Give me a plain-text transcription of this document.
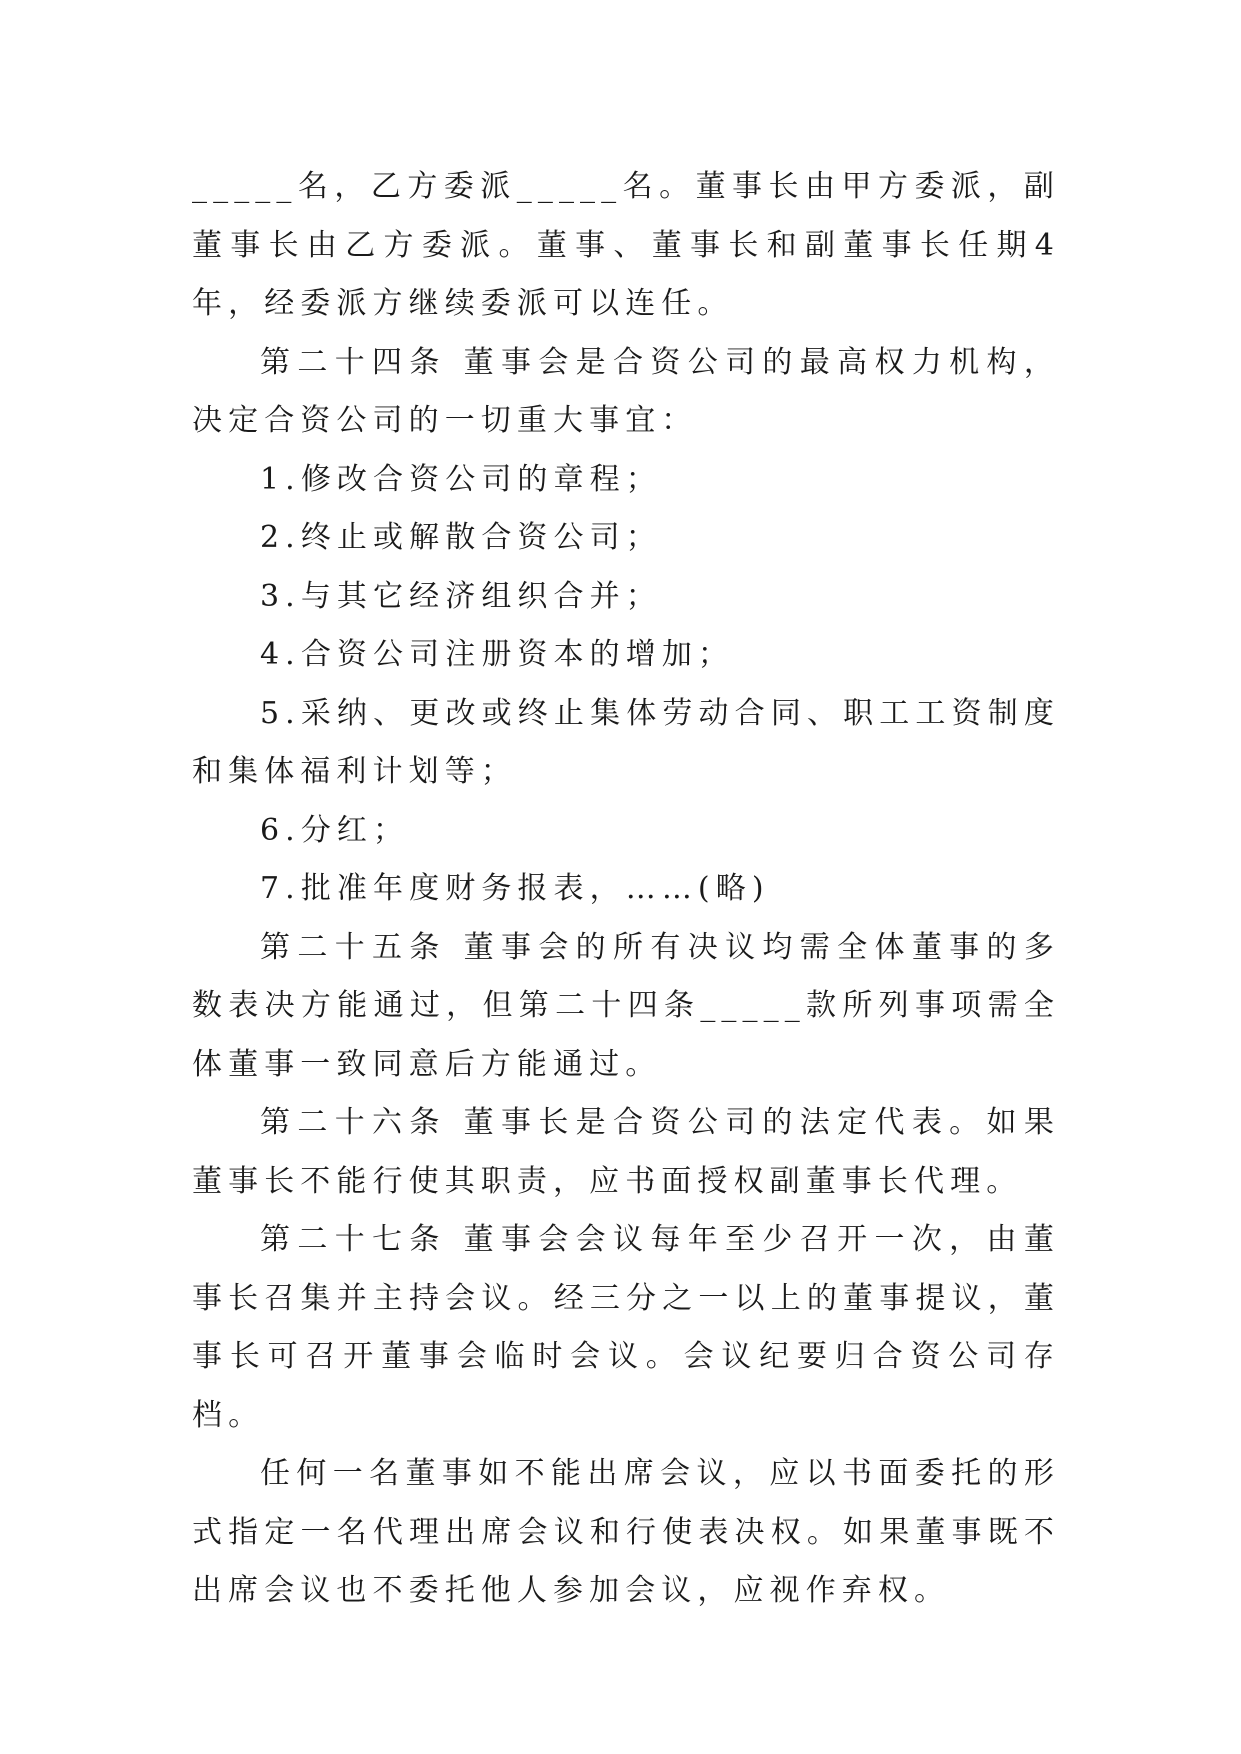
_____名，乙方委派_____名。董事长由甲方委派，副董事长由乙方委派。董事、董事长和副董事长任期4年，经委派方继续委派可以连任。

第二十四条 董事会是合资公司的最高权力机构，决定合资公司的一切重大事宜：

1.修改合资公司的章程；

2.终止或解散合资公司；

3.与其它经济组织合并；

4.合资公司注册资本的增加；

5.采纳、更改或终止集体劳动合同、职工工资制度和集体福利计划等；

6.分红；

7.批准年度财务报表，……(略)

第二十五条 董事会的所有决议均需全体董事的多数表决方能通过，但第二十四条_____款所列事项需全体董事一致同意后方能通过。

第二十六条 董事长是合资公司的法定代表。如果董事长不能行使其职责，应书面授权副董事长代理。

第二十七条 董事会会议每年至少召开一次，由董事长召集并主持会议。经三分之一以上的董事提议，董事长可召开董事会临时会议。会议纪要归合资公司存档。

任何一名董事如不能出席会议，应以书面委托的形式指定一名代理出席会议和行使表决权。如果董事既不出席会议也不委托他人参加会议，应视作弃权。
